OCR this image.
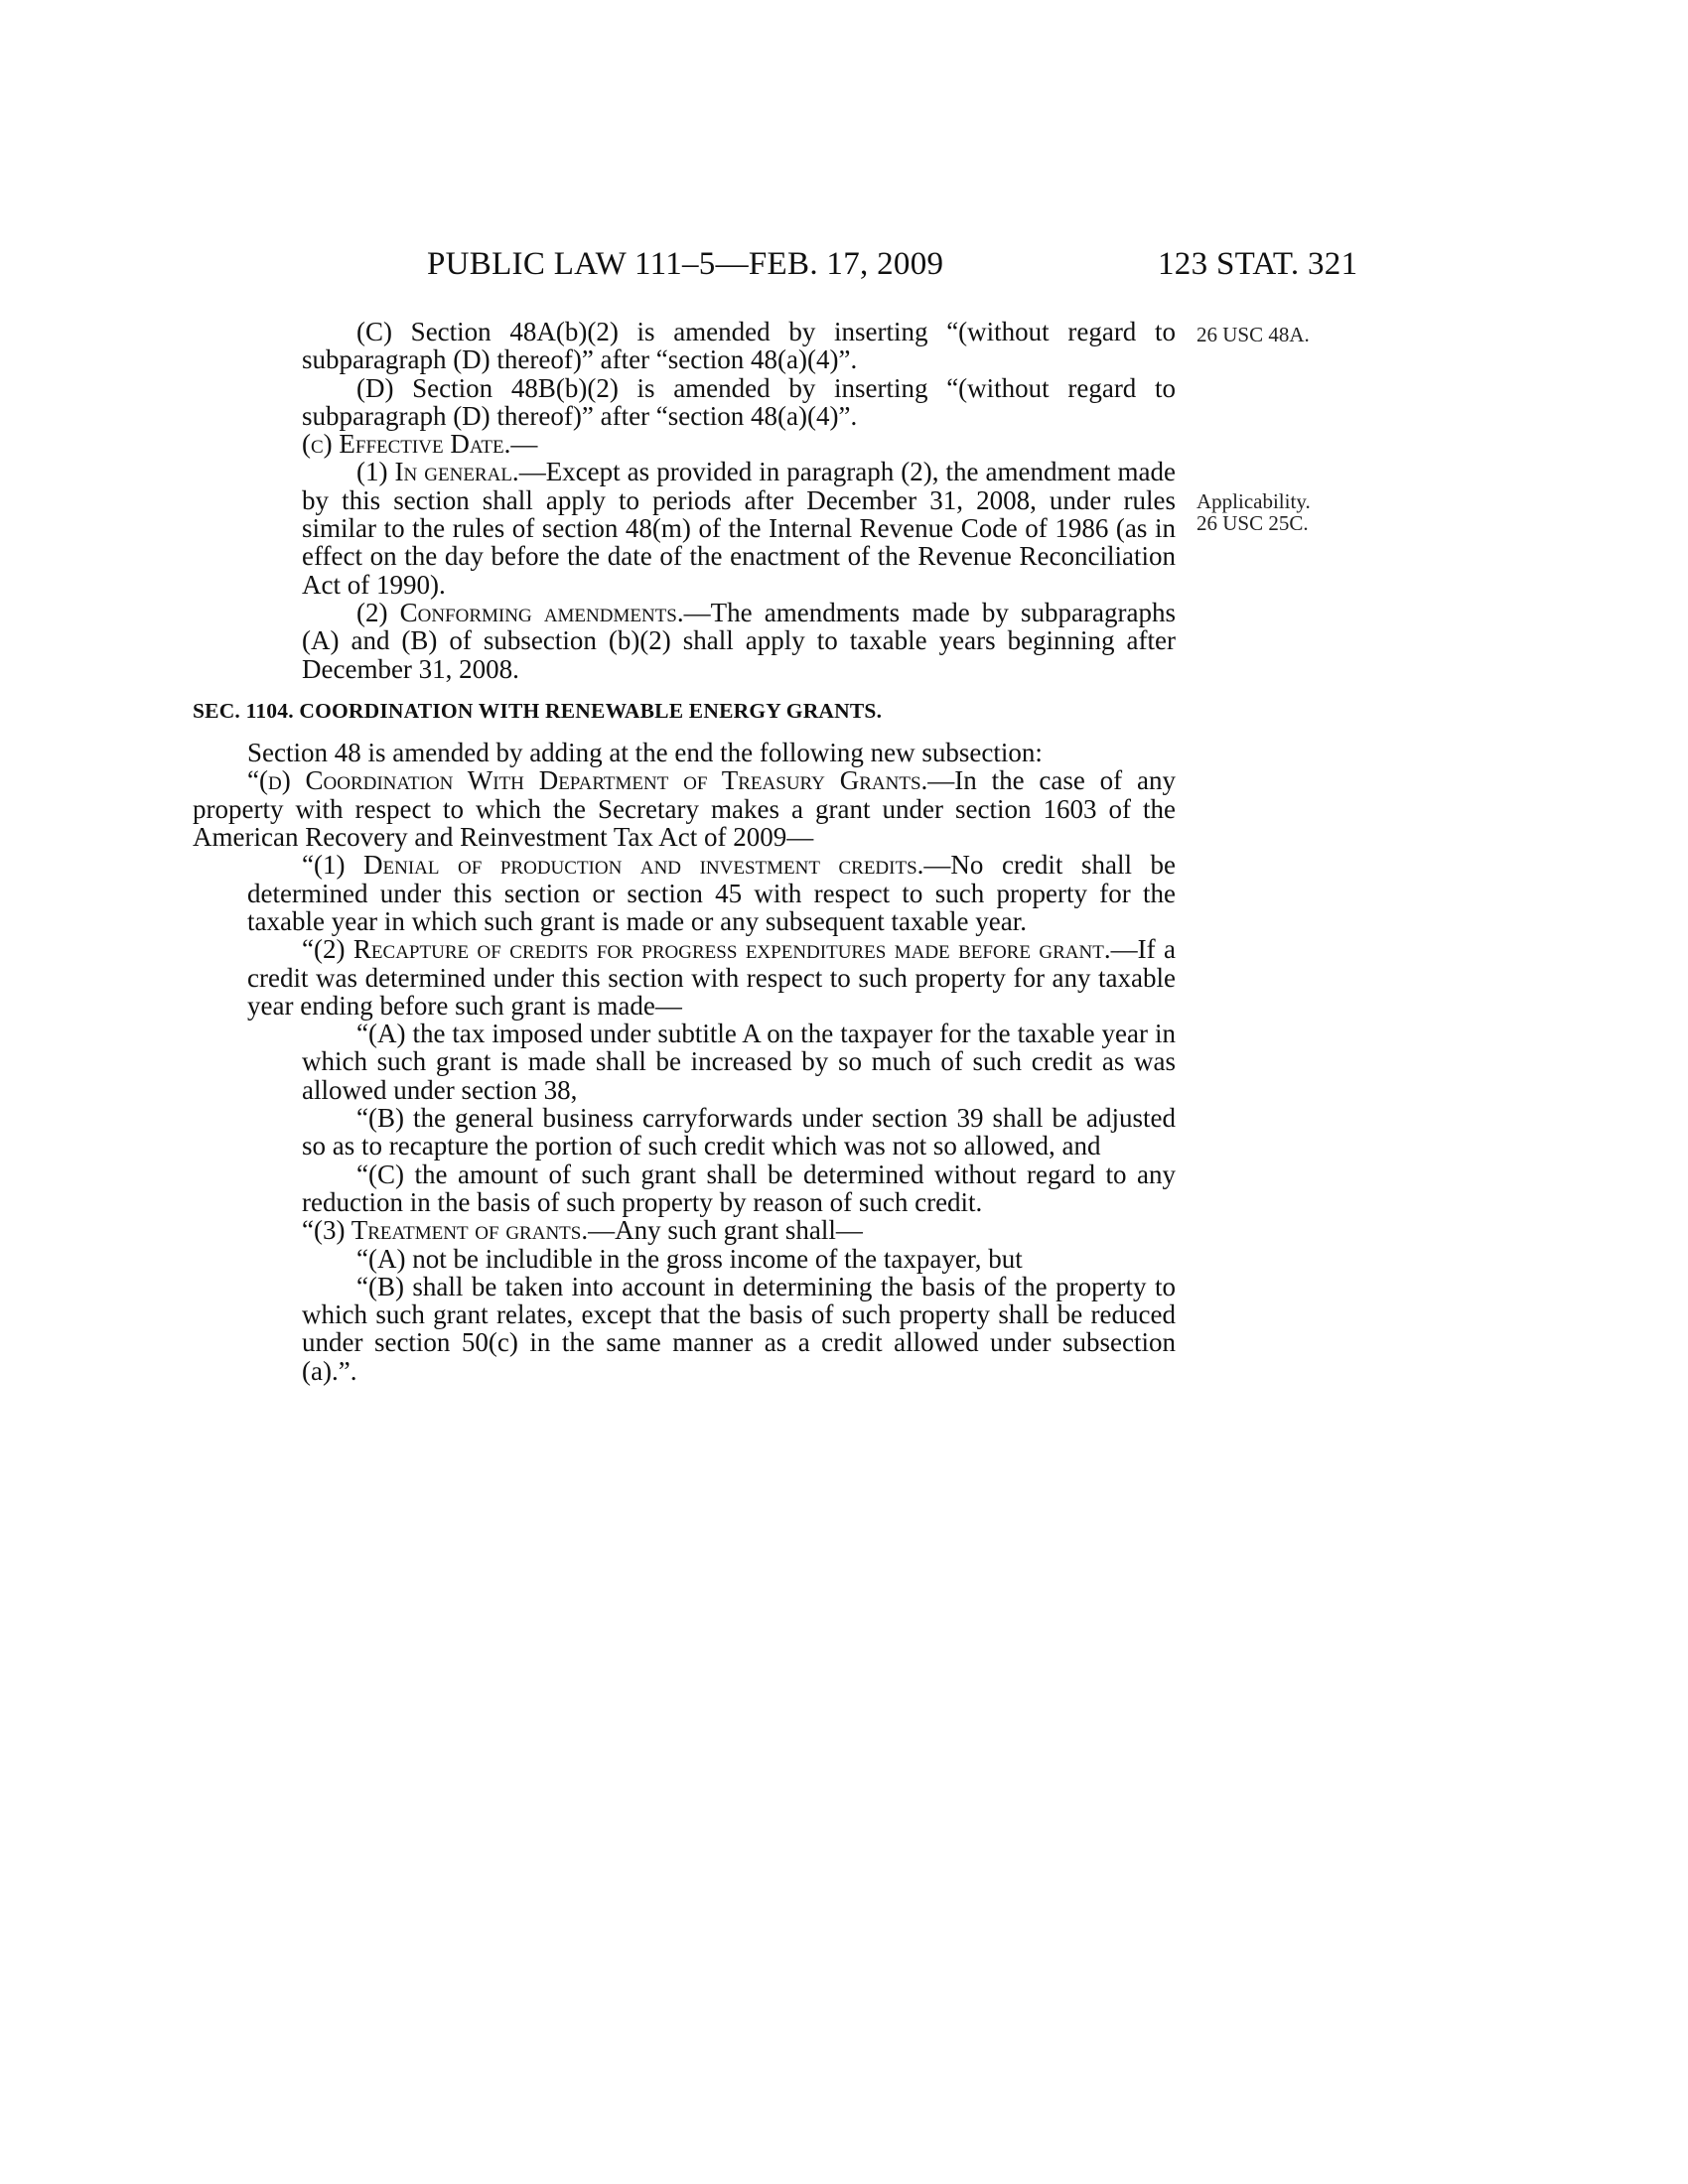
PUBLIC LAW 111–5—FEB. 17, 2009	123 STAT. 321
26 USC 48A.
Applicability.
26 USC 25C.

(C) Section 48A(b)(2) is amended by inserting “(without regard to subparagraph (D) thereof)” after “section 48(a)(4)”.

(D) Section 48B(b)(2) is amended by inserting “(without regard to subparagraph (D) thereof)” after “section 48(a)(4)”.

(c) Effective Date.—

(1) In general.—Except as provided in paragraph (2), the amendment made by this section shall apply to periods after December 31, 2008, under rules similar to the rules of section 48(m) of the Internal Revenue Code of 1986 (as in effect on the day before the date of the enactment of the Revenue Reconciliation Act of 1990).

(2) Conforming amendments.—The amendments made by subparagraphs (A) and (B) of subsection (b)(2) shall apply to taxable years beginning after December 31, 2008.

SEC. 1104. COORDINATION WITH RENEWABLE ENERGY GRANTS.

Section 48 is amended by adding at the end the following new subsection:

“(d) Coordination With Department of Treasury Grants.—In the case of any property with respect to which the Secretary makes a grant under section 1603 of the American Recovery and Reinvestment Tax Act of 2009—

“(1) Denial of production and investment credits.—No credit shall be determined under this section or section 45 with respect to such property for the taxable year in which such grant is made or any subsequent taxable year.

“(2) Recapture of credits for progress expenditures made before grant.—If a credit was determined under this section with respect to such property for any taxable year ending before such grant is made—

“(A) the tax imposed under subtitle A on the taxpayer for the taxable year in which such grant is made shall be increased by so much of such credit as was allowed under section 38,

“(B) the general business carryforwards under section 39 shall be adjusted so as to recapture the portion of such credit which was not so allowed, and

“(C) the amount of such grant shall be determined without regard to any reduction in the basis of such property by reason of such credit.

“(3) Treatment of grants.—Any such grant shall—

“(A) not be includible in the gross income of the taxpayer, but

“(B) shall be taken into account in determining the basis of the property to which such grant relates, except that the basis of such property shall be reduced under section 50(c) in the same manner as a credit allowed under subsection (a).”.
